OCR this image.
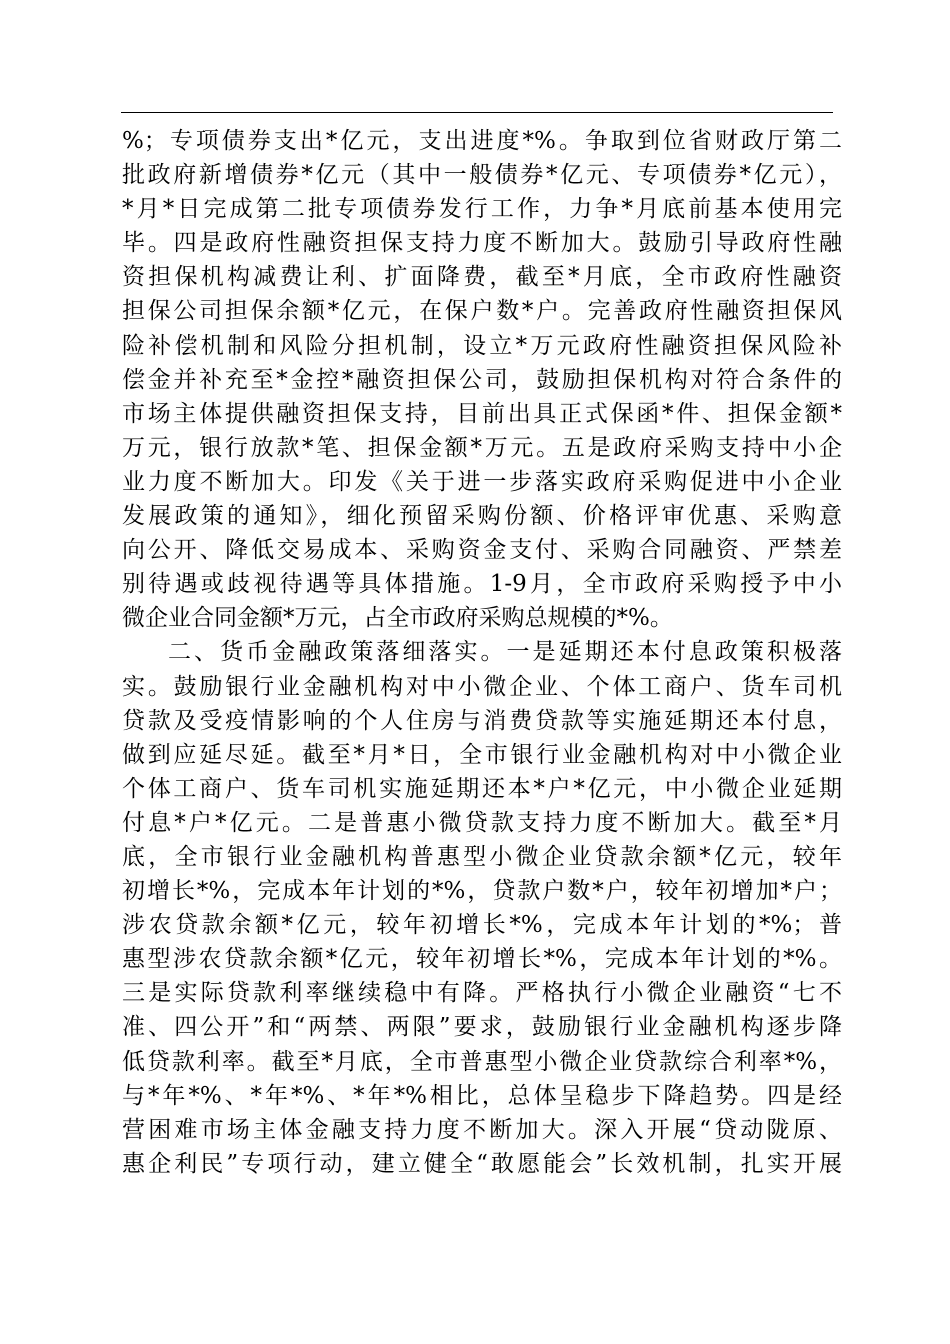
%；专项债券支出*亿元，支出进度*%。争取到位省财政厅第二
批政府新增债券*亿元（其中一般债券*亿元、专项债券*亿元），
*月*日完成第二批专项债券发行工作，力争*月底前基本使用完
毕。四是政府性融资担保支持力度不断加大。鼓励引导政府性融
资担保机构减费让利、扩面降费，截至*月底，全市政府性融资
担保公司担保余额*亿元，在保户数*户。完善政府性融资担保风
险补偿机制和风险分担机制，设立*万元政府性融资担保风险补
偿金并补充至*金控*融资担保公司，鼓励担保机构对符合条件的
市场主体提供融资担保支持，目前出具正式保函*件、担保金额*
万元，银行放款*笔、担保金额*万元。五是政府采购支持中小企
业力度不断加大。印发《关于进一步落实政府采购促进中小企业
发展政策的通知》，细化预留采购份额、价格评审优惠、采购意
向公开、降低交易成本、采购资金支付、采购合同融资、严禁差
别待遇或歧视待遇等具体措施。1-9月，全市政府采购授予中小
微企业合同金额*万元，占全市政府采购总规模的*%。
二、货币金融政策落细落实。一是延期还本付息政策积极落
实。鼓励银行业金融机构对中小微企业、个体工商户、货车司机
贷款及受疫情影响的个人住房与消费贷款等实施延期还本付息，
做到应延尽延。截至*月*日，全市银行业金融机构对中小微企业
个体工商户、货车司机实施延期还本*户*亿元，中小微企业延期
付息*户*亿元。二是普惠小微贷款支持力度不断加大。截至*月
底，全市银行业金融机构普惠型小微企业贷款余额*亿元，较年
初增长*%，完成本年计划的*%，贷款户数*户，较年初增加*户；
涉农贷款余额*亿元，较年初增长*%，完成本年计划的*%；普
惠型涉农贷款余额*亿元，较年初增长*%，完成本年计划的*%。
三是实际贷款利率继续稳中有降。严格执行小微企业融资“七不
准、四公开”和“两禁、两限”要求，鼓励银行业金融机构逐步降
低贷款利率。截至*月底，全市普惠型小微企业贷款综合利率*%，
与*年*%、*年*%、*年*%相比，总体呈稳步下降趋势。四是经
营困难市场主体金融支持力度不断加大。深入开展“贷动陇原、
惠企利民”专项行动，建立健全“敢愿能会”长效机制，扎实开展
